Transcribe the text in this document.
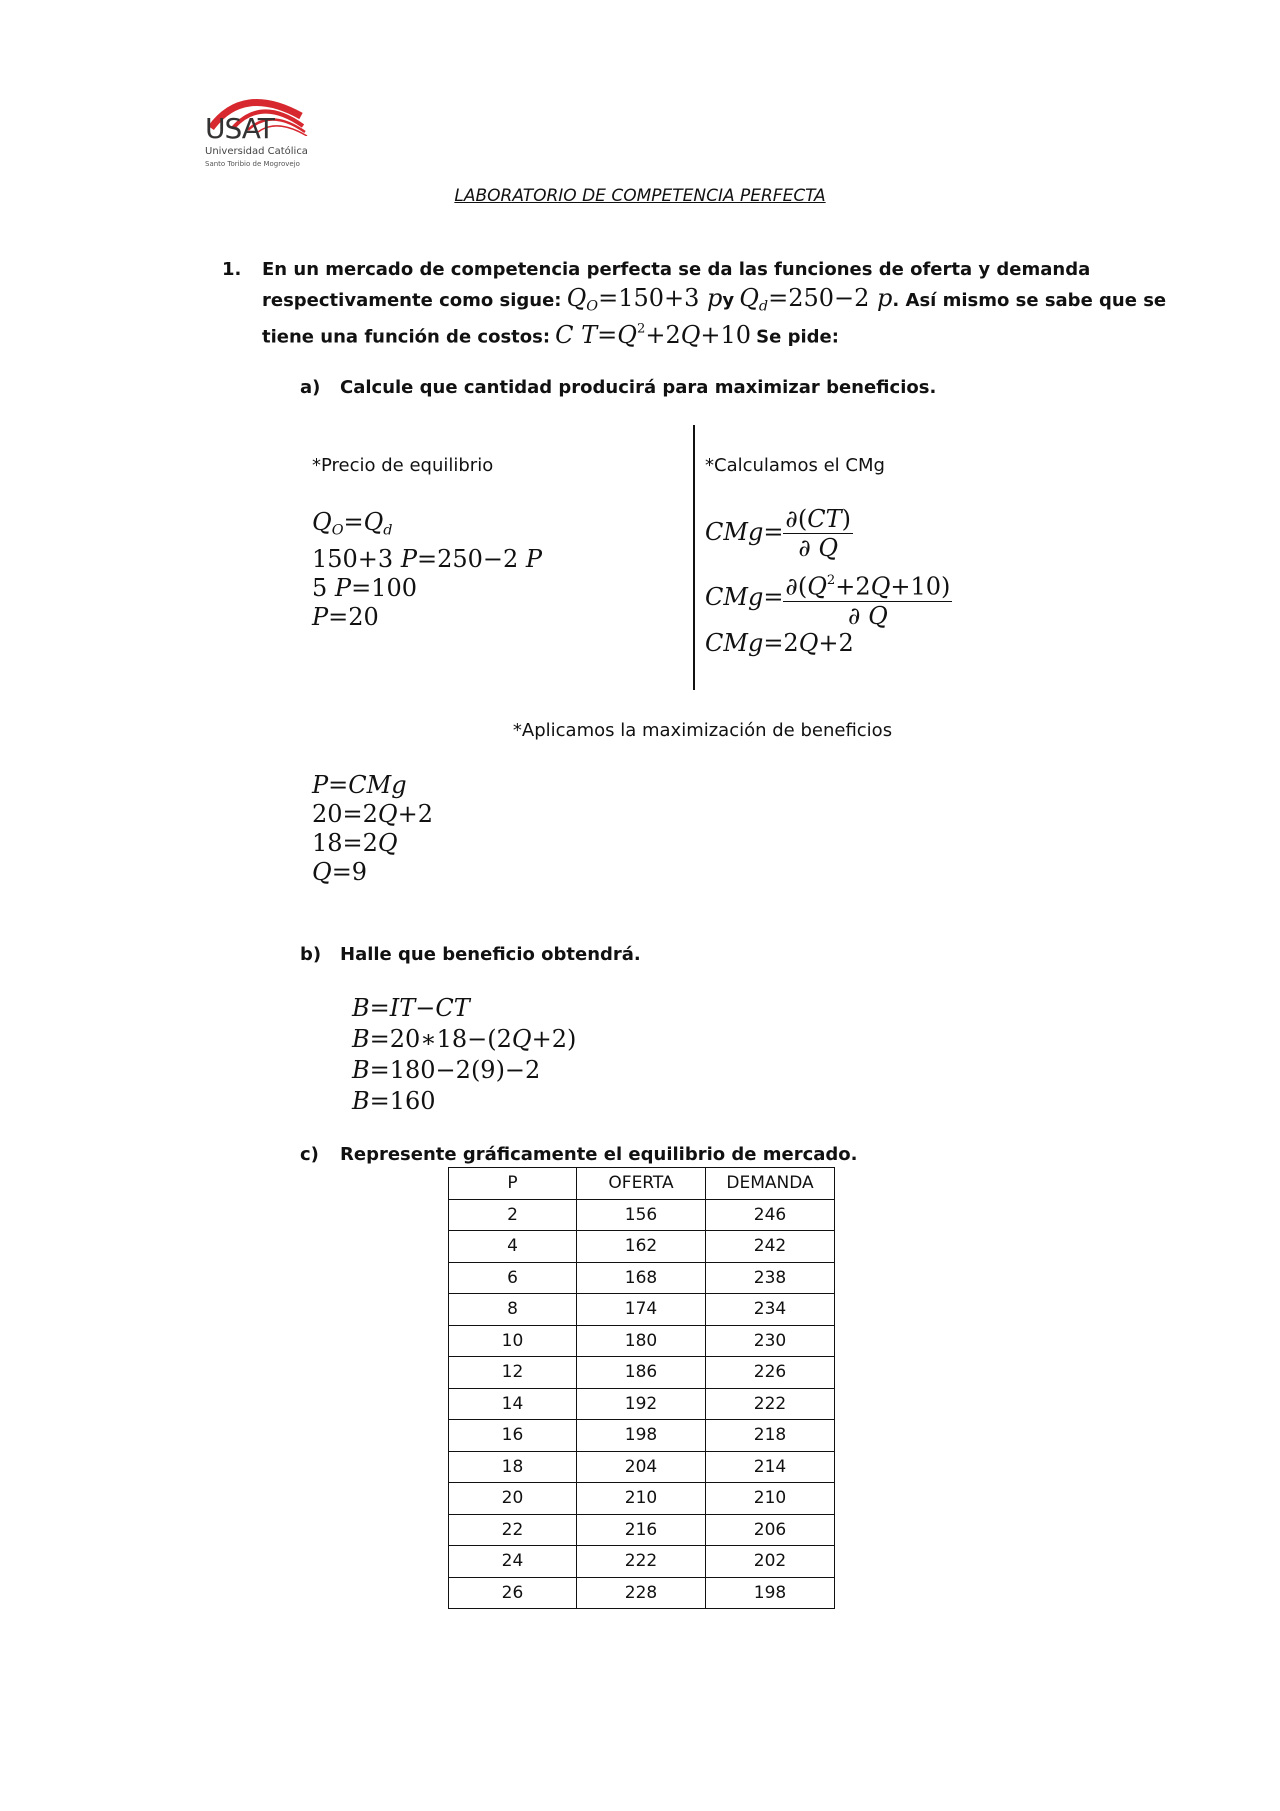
USAT
Universidad Católica
Santo Toribio de Mogrovejo
LABORATORIO DE COMPETENCIA PERFECTA
1. En un mercado de competencia perfecta se da las funciones de oferta y demanda
respectivamente como sigue: $Q_O=150+3$ py $Q_d=250-2$ p. Así mismo se sabe que se
tiene una función de costos: C $T=Q^2+2Q+10$ Se pide:
a) Calcule que cantidad producirá para maximizar beneficios.
*Precio de equilibrio	*Calculamos el CMg
$Q_O=Q_d$
150+3 P=250−2 P
5 P=100
P=20
$CMg= \frac{\partial(CT)}{\partial Q}$
$CMg= \frac{\partial(Q^2+2Q+10)}{\partial Q}$
CMg=2Q+2
*Aplicamos la maximización de beneficios
P=CMg
20=2Q+2
18=2Q
Q=9
b) Halle que beneficio obtendrá.
B=IT−CT
B=20∗18−(2Q+2)
B=180−2(9)−2
B=160
c) Represente gráficamente el equilibrio de mercado.
P	OFERTA	DEMANDA
2	156	246
4	162	242
6	168	238
8	174	234
10	180	230
12	186	226
14	192	222
16	198	218
18	204	214
20	210	210
22	216	206
24	222	202
26	228	198
